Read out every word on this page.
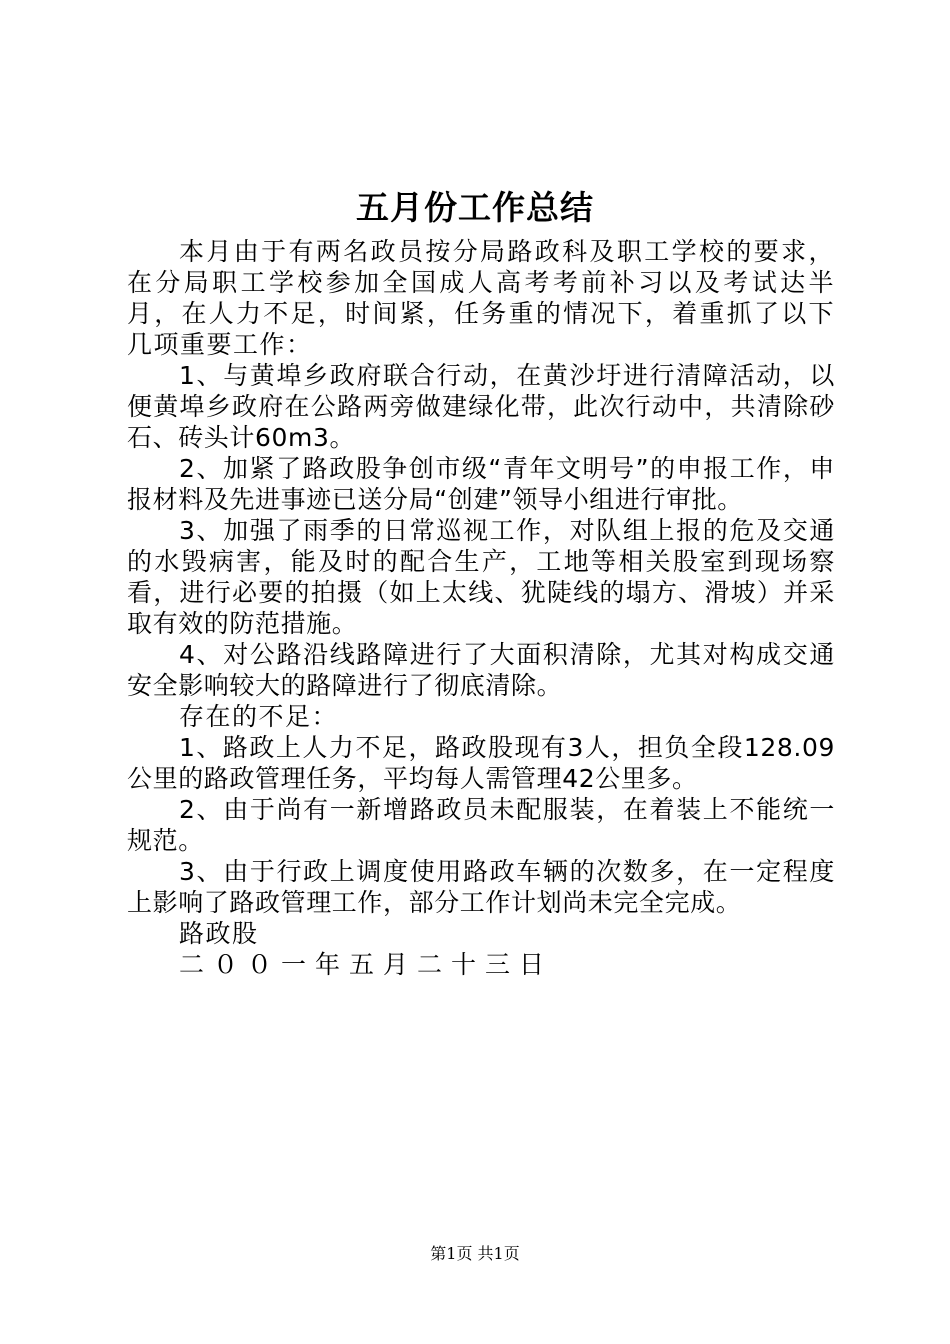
五月份工作总结

本月由于有两名政员按分局路政科及职工学校的要求，在分局职工学校参加全国成人高考考前补习以及考试达半月，在人力不足，时间紧，任务重的情况下，着重抓了以下几项重要工作：

1、与黄埠乡政府联合行动，在黄沙圩进行清障活动，以便黄埠乡政府在公路两旁做建绿化带，此次行动中，共清除砂石、砖头计60m3。

2、加紧了路政股争创市级“青年文明号”的申报工作，申报材料及先进事迹已送分局“创建”领导小组进行审批。

3、加强了雨季的日常巡视工作，对队组上报的危及交通的水毁病害，能及时的配合生产，工地等相关股室到现场察看，进行必要的拍摄（如上太线、犹陡线的塌方、滑坡）并采取有效的防范措施。

4、对公路沿线路障进行了大面积清除，尤其对构成交通安全影响较大的路障进行了彻底清除。

存在的不足：

1、路政上人力不足，路政股现有3人，担负全段128.09公里的路政管理任务，平均每人需管理42公里多。

2、由于尚有一新增路政员未配服装，在着装上不能统一规范。

3、由于行政上调度使用路政车辆的次数多，在一定程度上影响了路政管理工作，部分工作计划尚未完全完成。

路政股

二００一年五月二十三日

第1页 共1页
